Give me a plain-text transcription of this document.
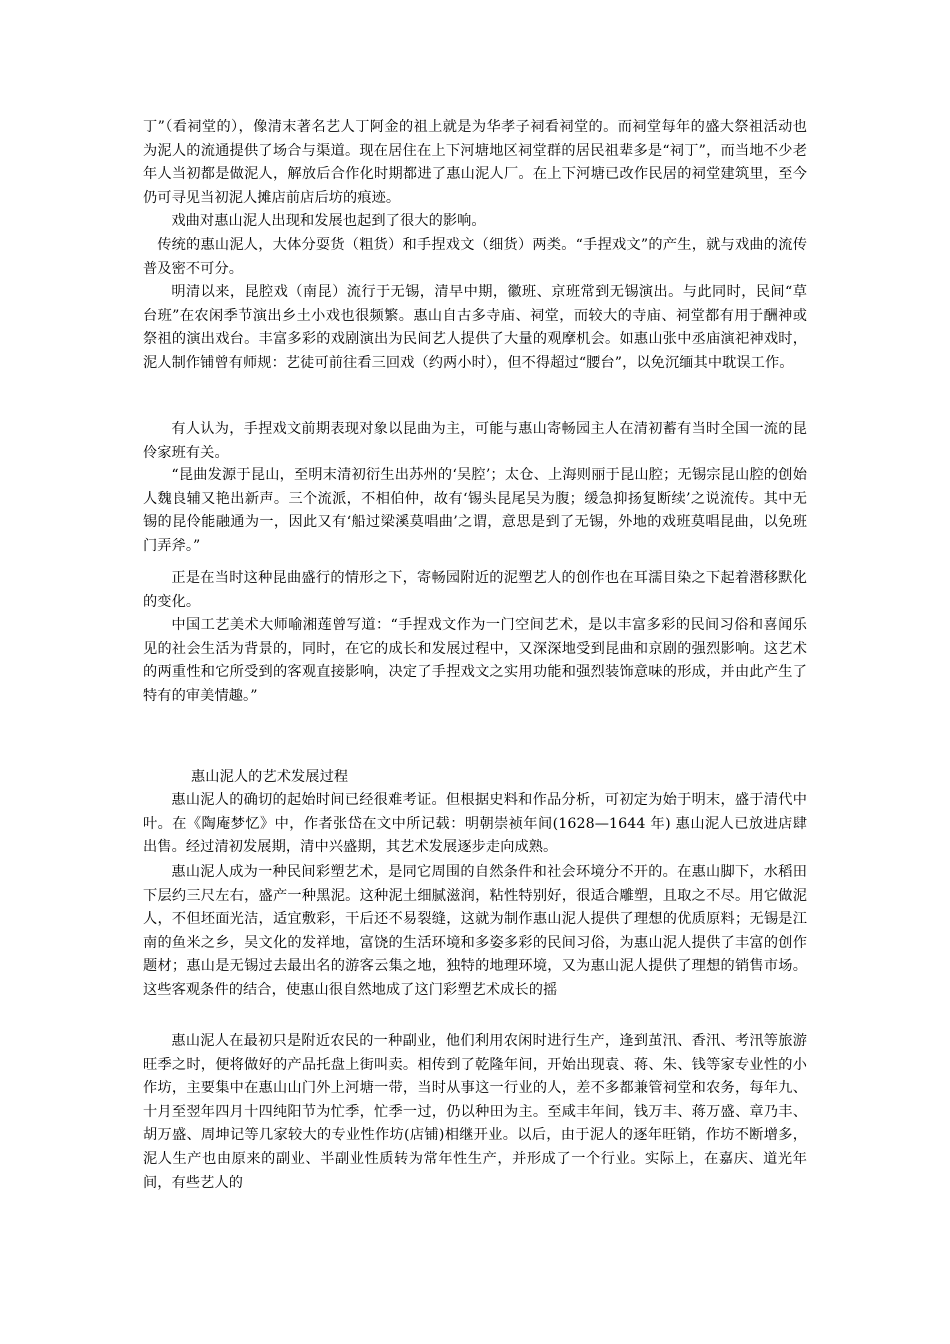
丁”（看祠堂的），像清末著名艺人丁阿金的祖上就是为华孝子祠看祠堂的。而祠堂每年的盛大祭祖活动也为泥人的流通提供了场合与渠道。现在居住在上下河塘地区祠堂群的居民祖辈多是“祠丁”，而当地不少老年人当初都是做泥人，解放后合作化时期都进了惠山泥人厂。在上下河塘已改作民居的祠堂建筑里，至今仍可寻见当初泥人摊店前店后坊的痕迹。

戏曲对惠山泥人出现和发展也起到了很大的影响。

传统的惠山泥人，大体分耍货（粗货）和手捏戏文（细货）两类。“手捏戏文”的产生，就与戏曲的流传普及密不可分。

明清以来，昆腔戏（南昆）流行于无锡，清早中期，徽班、京班常到无锡演出。与此同时，民间“草台班”在农闲季节演出乡土小戏也很频繁。惠山自古多寺庙、祠堂，而较大的寺庙、祠堂都有用于酬神或祭祖的演出戏台。丰富多彩的戏剧演出为民间艺人提供了大量的观摩机会。如惠山张中丞庙演祀神戏时，泥人制作铺曾有师规：艺徒可前往看三回戏（约两小时），但不得超过“腰台”，以免沉缅其中耽误工作。

有人认为，手捏戏文前期表现对象以昆曲为主，可能与惠山寄畅园主人在清初蓄有当时全国一流的昆伶家班有关。

“昆曲发源于昆山，至明末清初衍生出苏州的‘吴腔’；太仓、上海则丽于昆山腔；无锡宗昆山腔的创始人魏良辅又艳出新声。三个流派，不相伯仲，故有‘锡头昆尾吴为腹；缓急抑扬复断续’之说流传。其中无锡的昆伶能融通为一，因此又有‘船过梁溪莫唱曲’之谓，意思是到了无锡，外地的戏班莫唱昆曲，以免班门弄斧。”

正是在当时这种昆曲盛行的情形之下，寄畅园附近的泥塑艺人的创作也在耳濡目染之下起着潜移默化的变化。

中国工艺美术大师喻湘莲曾写道：“手捏戏文作为一门空间艺术，是以丰富多彩的民间习俗和喜闻乐见的社会生活为背景的，同时，在它的成长和发展过程中，又深深地受到昆曲和京剧的强烈影响。这艺术的两重性和它所受到的客观直接影响，决定了手捏戏文之实用功能和强烈装饰意味的形成，并由此产生了特有的审美情趣。”

惠山泥人的艺术发展过程

惠山泥人的确切的起始时间已经很难考证。但根据史料和作品分析，可初定为始于明末，盛于清代中叶。在《陶庵梦忆》中，作者张岱在文中所记载：明朝崇祯年间(1628—1644 年) 惠山泥人已放进店肆出售。经过清初发展期，清中兴盛期，其艺术发展逐步走向成熟。

惠山泥人成为一种民间彩塑艺术，是同它周围的自然条件和社会环境分不开的。在惠山脚下，水稻田下层约三尺左右，盛产一种黑泥。这种泥土细腻滋润，粘性特别好，很适合雕塑，且取之不尽。用它做泥人，不但坯面光洁，适宜敷彩，干后还不易裂缝，这就为制作惠山泥人提供了理想的优质原料；无锡是江南的鱼米之乡，吴文化的发祥地，富饶的生活环境和多姿多彩的民间习俗，为惠山泥人提供了丰富的创作题材；惠山是无锡过去最出名的游客云集之地，独特的地理环境，又为惠山泥人提供了理想的销售市场。这些客观条件的结合，使惠山很自然地成了这门彩塑艺术成长的摇

惠山泥人在最初只是附近农民的一种副业，他们利用农闲时进行生产，逢到茧汛、香汛、考汛等旅游旺季之时，便将做好的产品托盘上街叫卖。相传到了乾隆年间，开始出现袁、蒋、朱、钱等家专业性的小作坊，主要集中在惠山山门外上河塘一带，当时从事这一行业的人，差不多都兼管祠堂和农务，每年九、十月至翌年四月十四纯阳节为忙季，忙季一过，仍以种田为主。至咸丰年间，钱万丰、蒋万盛、章乃丰、胡万盛、周坤记等几家较大的专业性作坊(店铺)相继开业。以后，由于泥人的逐年旺销，作坊不断增多，泥人生产也由原来的副业、半副业性质转为常年性生产，并形成了一个行业。实际上，在嘉庆、道光年间，有些艺人的
